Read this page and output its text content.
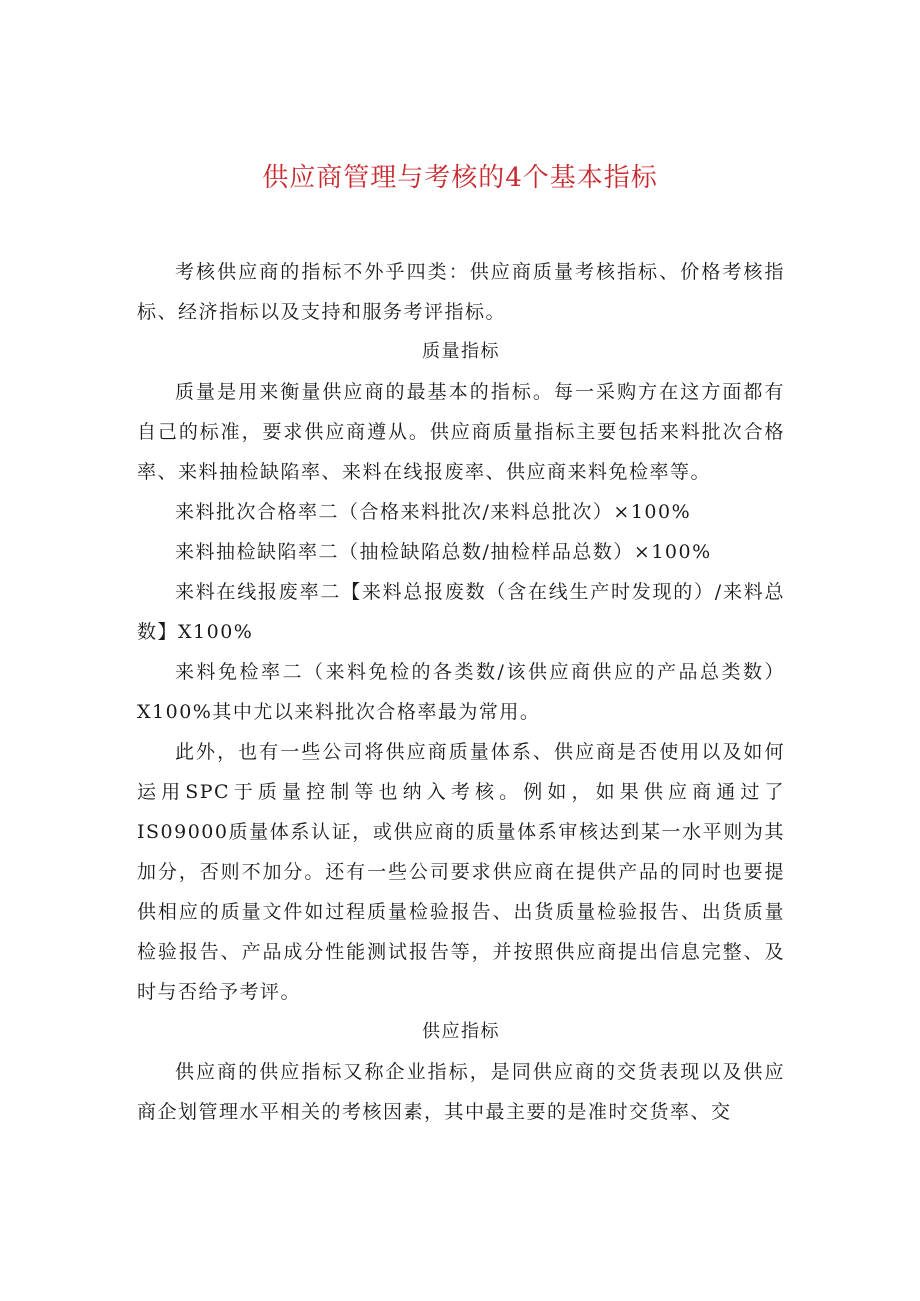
供应商管理与考核的4个基本指标

考核供应商的指标不外乎四类：供应商质量考核指标、价格考核指标、经济指标以及支持和服务考评指标。

质量指标

质量是用来衡量供应商的最基本的指标。每一采购方在这方面都有自己的标准，要求供应商遵从。供应商质量指标主要包括来料批次合格率、来料抽检缺陷率、来料在线报废率、供应商来料免检率等。

来料批次合格率二（合格来料批次/来料总批次）×100%

来料抽检缺陷率二（抽检缺陷总数/抽检样品总数）×100%

来料在线报废率二【来料总报废数（含在线生产时发现的）/来料总数】X100%

来料免检率二（来料免检的各类数/该供应商供应的产品总类数）X100%其中尤以来料批次合格率最为常用。

此外，也有一些公司将供应商质量体系、供应商是否使用以及如何运用SPC于质量控制等也纳入考核。例如，如果供应商通过了IS09000质量体系认证，或供应商的质量体系审核达到某一水平则为其加分，否则不加分。还有一些公司要求供应商在提供产品的同时也要提供相应的质量文件如过程质量检验报告、出货质量检验报告、出货质量检验报告、产品成分性能测试报告等，并按照供应商提出信息完整、及时与否给予考评。

供应指标

供应商的供应指标又称企业指标，是同供应商的交货表现以及供应商企划管理水平相关的考核因素，其中最主要的是准时交货率、交
